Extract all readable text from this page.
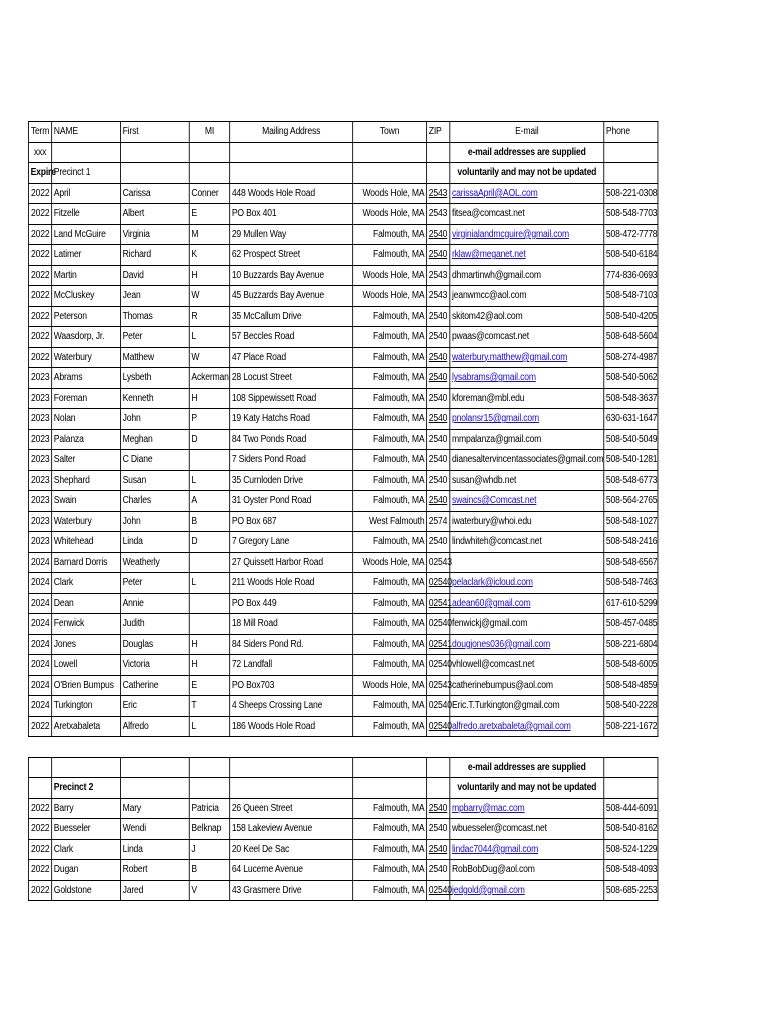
Term	NAME	First	MI	Mailing Address	Town	ZIP	E-mail	Phone
xxx							e-mail addresses are supplied	
Expire	Precinct 1						voluntarily and may not be updated	
2022	April	Carissa	Conner	448 Woods Hole Road	Woods Hole, MA	2543	carissaApril@AOL.com	508-221-0308
2022	Fitzelle	Albert	E	PO Box 401	Woods Hole, MA	2543	fitsea@comcast.net	508-548-7703
2022	Land McGuire	Virginia	M	29 Mullen Way	Falmouth, MA	2540	virginialandmcguire@gmail.com	508-472-7778
2022	Latimer	Richard	K	62 Prospect Street	Falmouth, MA	2540	rklaw@meganet.net	508-540-6184
2022	Martin	David	H	10 Buzzards Bay Avenue	Woods Hole, MA	2543	dhmartinwh@gmail.com	774-836-0693
2022	McCluskey	Jean	W	45 Buzzards Bay Avenue	Woods Hole, MA	2543	jeanwmcc@aol.com	508-548-7103
2022	Peterson	Thomas	R	35 McCallum Drive	Falmouth, MA	2540	skitom42@aol.com	508-540-4205
2022	Waasdorp, Jr.	Peter	L	57 Beccles Road	Falmouth, MA	2540	pwaas@comcast.net	508-648-5604
2022	Waterbury	Matthew	W	47 Place Road	Falmouth, MA	2540	waterbury.matthew@gmail.com	508-274-4987
2023	Abrams	Lysbeth	Ackerman	28 Locust Street	Falmouth, MA	2540	lysabrams@gmail.com	508-540-5062
2023	Foreman	Kenneth	H	108 Sippewissett Road	Falmouth, MA	2540	kforeman@mbl.edu	508-548-3637
2023	Nolan	John	P	19 Katy Hatchs Road	Falmouth, MA	2540	pnolansr15@gmail.com	630-631-1647
2023	Palanza	Meghan	D	84 Two Ponds Road	Falmouth, MA	2540	mmpalanza@gmail.com	508-540-5049
2023	Salter	C Diane		7 Siders Pond Road	Falmouth, MA	2540	dianesaltervincentassociates@gmail.com	508-540-1281
2023	Shephard	Susan	L	35 Curnloden Drive	Falmouth, MA	2540	susan@whdb.net	508-548-6773
2023	Swain	Charles	A	31 Oyster Pond Road	Falmouth, MA	2540	swaincs@Comcast.net	508-564-2765
2023	Waterbury	John	B	PO Box 687	West Falmouth	2574	iwaterbury@whoi.edu	508-548-1027
2023	Whitehead	Linda	D	7 Gregory Lane	Falmouth, MA	2540	lindwhiteh@comcast.net	508-548-2416
2024	Barnard Dorris	Weatherly		27 Quissett Harbor Road	Woods Hole, MA	02543		508-548-6567
2024	Clark	Peter	L	211 Woods Hole Road	Falmouth, MA	02540	pelaclark@icloud.com	508-548-7463
2024	Dean	Annie		PO Box 449	Falmouth, MA	02541	adean60@gmail.com	617-610-5299
2024	Fenwick	Judith		18 Mill Road	Falmouth, MA	02540	fenwickj@gmail.com	508-457-0485
2024	Jones	Douglas	H	84 Siders Pond Rd.	Falmouth, MA	02541	dougjones036@gmail.com	508-221-6804
2024	Lowell	Victoria	H	72 Landfall	Falmouth, MA	02540	vhlowell@comcast.net	508-548-6005
2024	O'Brien Bumpus	Catherine	E	PO Box703	Woods Hole, MA	02543	catherinebumpus@aol.com	508-548-4859
2024	Turkington	Eric	T	4 Sheeps Crossing Lane	Falmouth, MA	02540	Eric.T.Turkington@gmail.com	508-540-2228
2022	Aretxabaleta	Alfredo	L	186 Woods Hole Road	Falmouth, MA	02540	alfredo.aretxabaleta@gmail.com	508-221-1672

							e-mail addresses are supplied	
	Precinct 2						voluntarily and may not be updated	
2022	Barry	Mary	Patricia	26 Queen Street	Falmouth, MA	2540	mpbarry@mac.com	508-444-6091
2022	Buesseler	Wendi	Belknap	158 Lakeview Avenue	Falmouth, MA	2540	wbuesseler@comcast.net	508-540-8162
2022	Clark	Linda	J	20 Keel De Sac	Falmouth, MA	2540	lindac7044@gmail.com	508-524-1229
2022	Dugan	Robert	B	64 Lucerne Avenue	Falmouth, MA	2540	RobBobDug@aol.com	508-548-4093
2022	Goldstone	Jared	V	43 Grasmere Drive	Falmouth, MA	02540	jedgold@gmail.com	508-685-2253
